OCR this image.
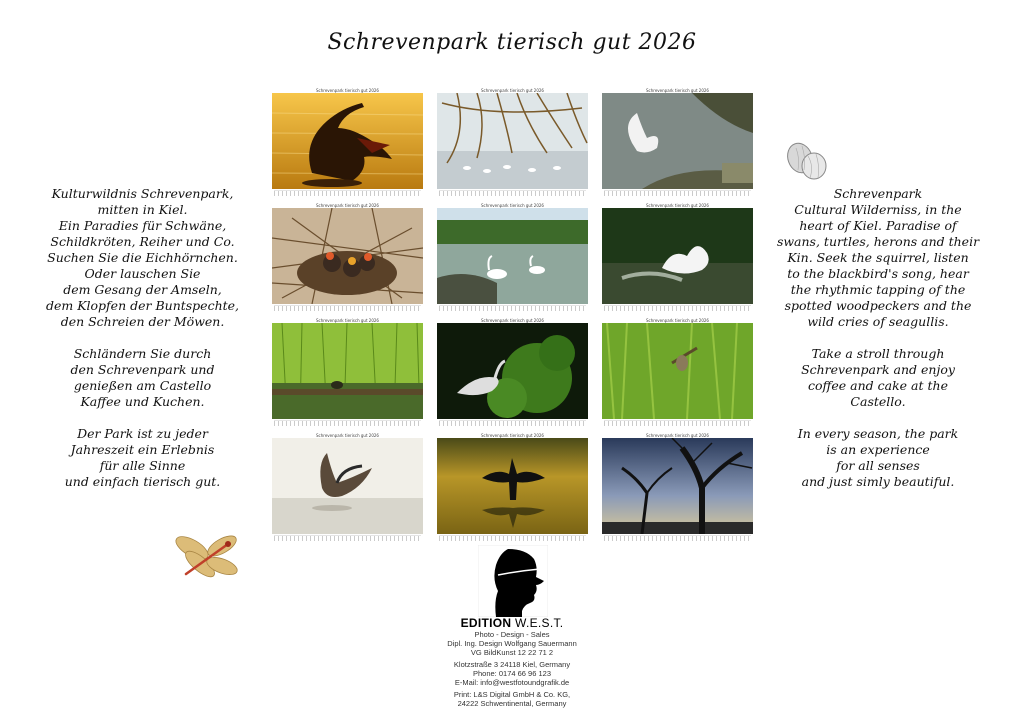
Schrevenpark tierisch gut 2026
Schrevenpark tierisch gut 2026	Schrevenpark tierisch gut 2026	Schrevenpark tierisch gut 2026
Schrevenpark tierisch gut 2026	Schrevenpark tierisch gut 2026	Schrevenpark tierisch gut 2026
Schrevenpark tierisch gut 2026	Schrevenpark tierisch gut 2026	Schrevenpark tierisch gut 2026
Schrevenpark tierisch gut 2026	Schrevenpark tierisch gut 2026	Schrevenpark tierisch gut 2026

Kulturwildnis Schrevenpark,
mitten in Kiel.
Ein Paradies für Schwäne,
Schildkröten, Reiher und Co.
Suchen Sie die Eichhörnchen.
Oder lauschen Sie
dem Gesang der Amseln,
dem Klopfen der Buntspechte,
den Schreien der Möwen.

Schländern Sie durch
den Schrevenpark und
genießen am Castello
Kaffee und Kuchen.

Der Park ist zu jeder
Jahreszeit ein Erlebnis
für alle Sinne
und einfach tierisch gut.

Schrevenpark
Cultural Wilderniss, in the
heart of Kiel. Paradise of
swans, turtles, herons and their
Kin. Seek the squirrel, listen
to the blackbird's song, hear
the rhythmic tapping of the
spotted woodpeckers and the
wild cries of seagullis.

Take a stroll through
Schrevenpark and enjoy
coffee and cake at the
Castello.

In every season, the park
is an experience
for all senses
and just simly beautiful.

EDITION W.E.S.T.
Photo - Design - Sales
Dipl. Ing. Design Wolfgang Sauermann
VG BildKunst 12 22 71 2
Klotzstraße 3 24118 Kiel, Germany
Phone: 0174 66 96 123
E-Mail: info@westfotoundgrafik.de
Print: L&S Digital GmbH & Co. KG,
24222 Schwentinental, Germany
